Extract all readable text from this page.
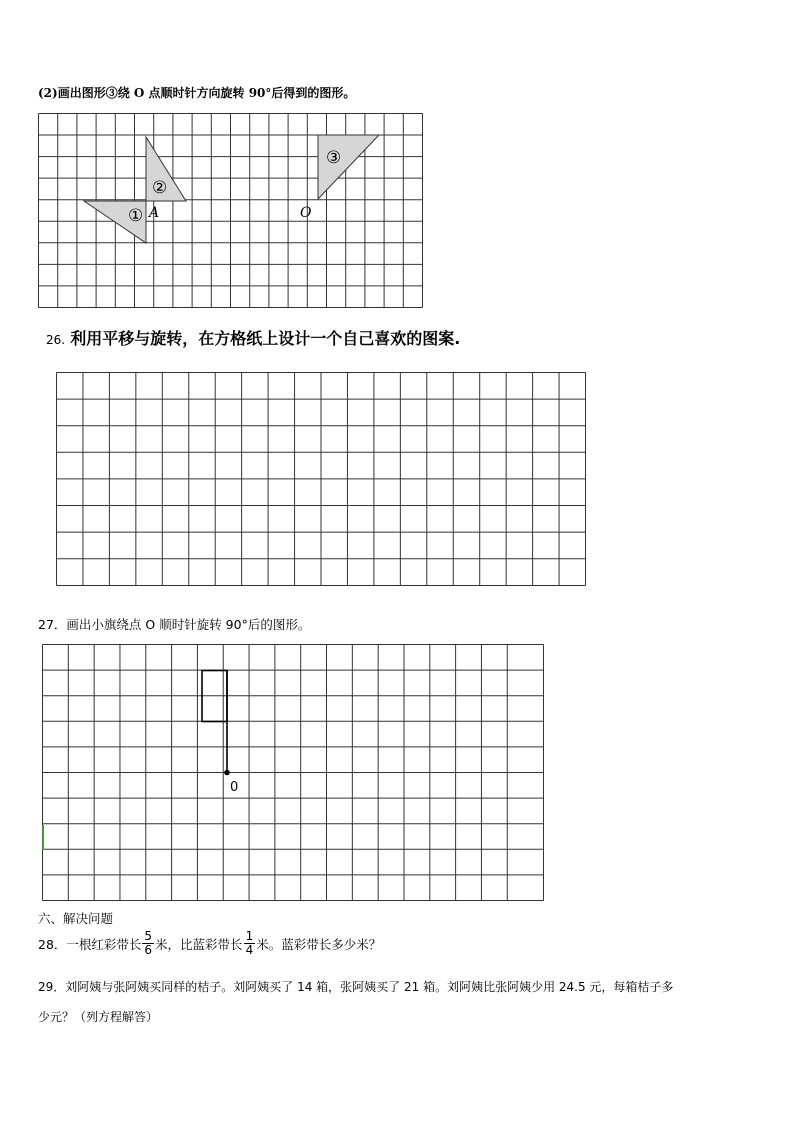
(2)画出图形③绕 O 点顺时针方向旋转 90°后得到的图形。
①
②
③
A	O
26. 利用平移与旋转，在方格纸上设计一个自己喜欢的图案.
27．画出小旗绕点 O 顺时针旋转 90°后的图形。
0
六、解决问题
28．一根红彩带长 $\frac{5}{6}$ 米，比蓝彩带长 $\frac{1}{4}$ 米。蓝彩带长多少米？
29．刘阿姨与张阿姨买同样的桔子。刘阿姨买了 14 箱，张阿姨买了 21 箱。刘阿姨比张阿姨少用 24.5 元，每箱桔子多
少元？（列方程解答）
